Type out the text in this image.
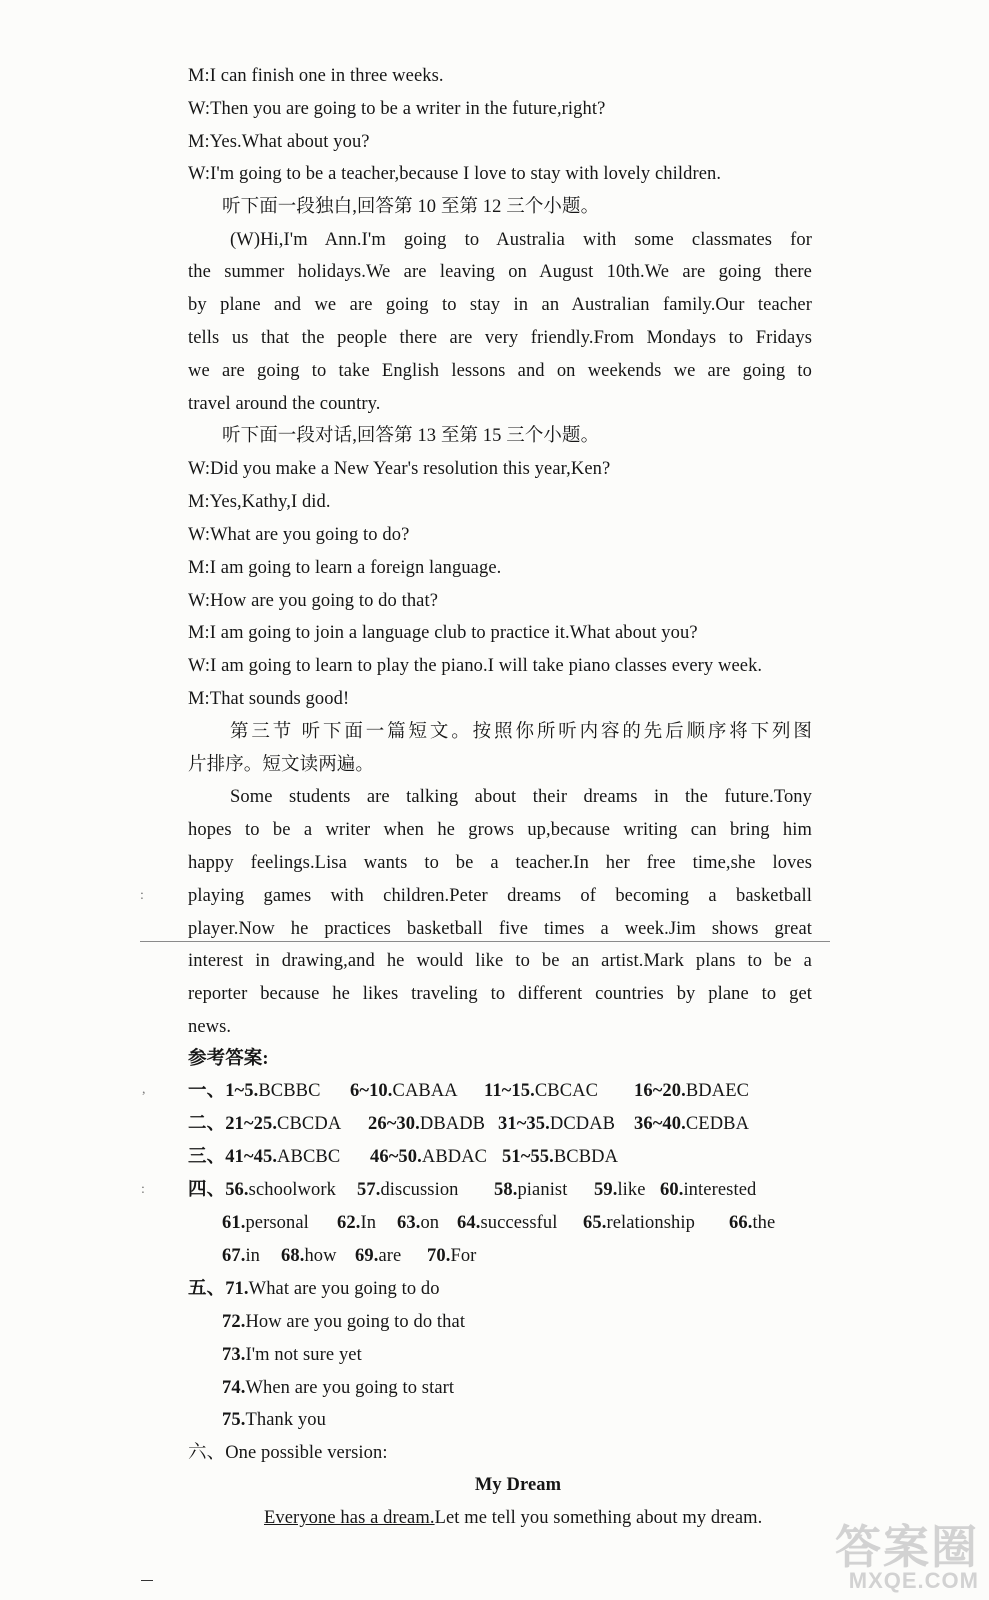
M:I can finish one in three weeks.
W:Then you are going to be a writer in the future,right?
M:Yes.What about you?
W:I'm going to be a teacher,because I love to stay with lovely children.
听下面一段独白,回答第 10 至第 12 三个小题。
(W)Hi,I'm Ann.I'm going to Australia with some classmates for
the summer holidays.We are leaving on August 10th.We are going there
by plane and we are going to stay in an Australian family.Our teacher
tells us that the people there are very friendly.From Mondays to Fridays
we are going to take English lessons and on weekends we are going to
travel around the country.
听下面一段对话,回答第 13 至第 15 三个小题。
W:Did you make a New Year's resolution this year,Ken?
M:Yes,Kathy,I did.
W:What are you going to do?
M:I am going to learn a foreign language.
W:How are you going to do that?
M:I am going to join a language club to practice it.What about you?
W:I am going to learn to play the piano.I will take piano classes every week.
M:That sounds good!
第三节 听下面一篇短文。按照你所听内容的先后顺序将下列图
片排序。短文读两遍。
Some students are talking about their dreams in the future.Tony
hopes to be a writer when he grows up,because writing can bring him
happy feelings.Lisa wants to be a teacher.In her free time,she loves
playing games with children.Peter dreams of becoming a basketball
player.Now he practices basketball five times a week.Jim shows great
interest in drawing,and he would like to be an artist.Mark plans to be a
reporter because he likes traveling to different countries by plane to get
news.
参考答案:
一、1~5.BCBBC 6~10.CABAA 11~15.CBCAC 16~20.BDAEC
二、21~25.CBCDA 26~30.DBADB 31~35.DCDAB 36~40.CEDBA
三、41~45.ABCBC 46~50.ABDAC 51~55.BCBDA
四、56.schoolwork 57.discussion 58.pianist 59.like 60.interested
61.personal 62.In 63.on 64.successful 65.relationship 66.the
67.in 68.how 69.are 70.For
五、71.What are you going to do
72.How are you going to do that
73.I'm not sure yet
74.When are you going to start
75.Thank you
六、One possible version:
My Dream
Everyone has a dream.Let me tell you something about my dream.
:
,
:
答案圈
MXQE.COM
